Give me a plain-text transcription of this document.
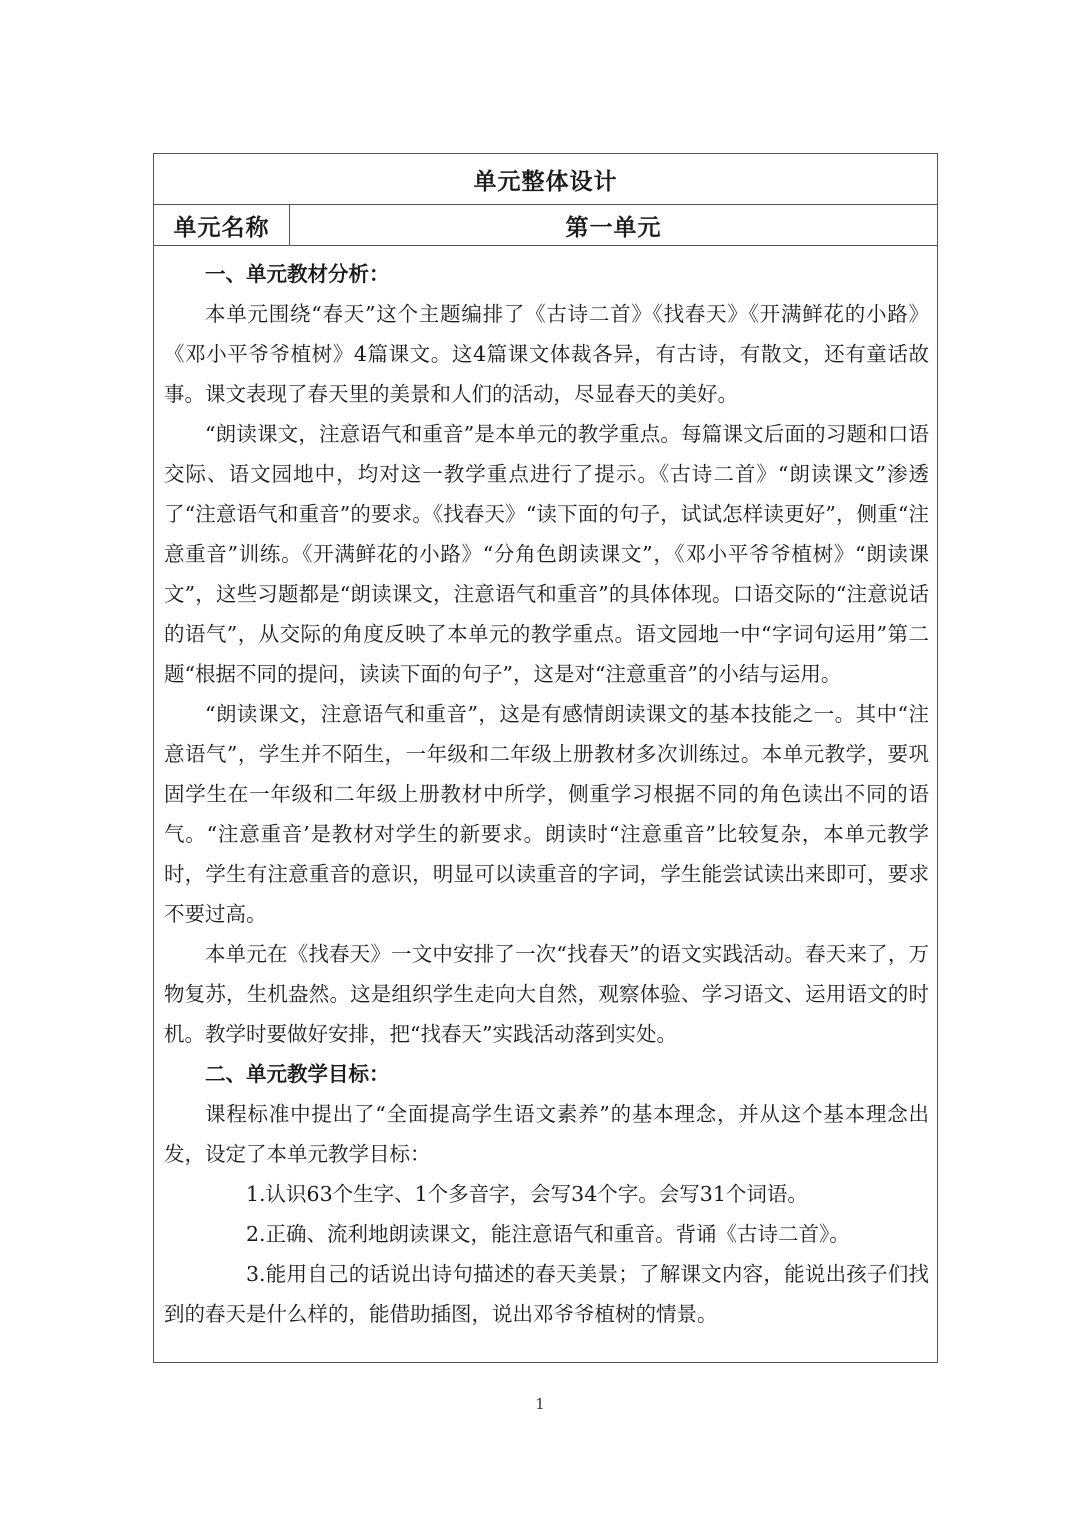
单元整体设计
单元名称	第一单元

一、单元教材分析：

本单元围绕“春天”这个主题编排了《古诗二首》《找春天》《开满鲜花的小路》《邓小平爷爷植树》4篇课文。这4篇课文体裁各异，有古诗，有散文，还有童话故事。课文表现了春天里的美景和人们的活动，尽显春天的美好。

“朗读课文，注意语气和重音”是本单元的教学重点。每篇课文后面的习题和口语交际、语文园地中，均对这一教学重点进行了提示。《古诗二首》“朗读课文”渗透了“注意语气和重音”的要求。《找春天》“读下面的句子，试试怎样读更好”，侧重“注意重音”训练。《开满鲜花的小路》“分角色朗读课文”，《邓小平爷爷植树》“朗读课文”，这些习题都是“朗读课文，注意语气和重音”的具体体现。口语交际的“注意说话的语气”，从交际的角度反映了本单元的教学重点。语文园地一中“字词句运用”第二题“根据不同的提问，读读下面的句子”，这是对“注意重音”的小结与运用。

“朗读课文，注意语气和重音”，这是有感情朗读课文的基本技能之一。其中“注意语气”，学生并不陌生，一年级和二年级上册教材多次训练过。本单元教学，要巩固学生在一年级和二年级上册教材中所学，侧重学习根据不同的角色读出不同的语气。“注意重音’是教材对学生的新要求。朗读时“注意重音”比较复杂，本单元教学时，学生有注意重音的意识，明显可以读重音的字词，学生能尝试读出来即可，要求不要过高。

本单元在《找春天》一文中安排了一次“找春天”的语文实践活动。春天来了，万物复苏，生机盎然。这是组织学生走向大自然，观察体验、学习语文、运用语文的时机。教学时要做好安排，把“找春天”实践活动落到实处。

二、单元教学目标：

课程标准中提出了“全面提高学生语文素养”的基本理念，并从这个基本理念出发，设定了本单元教学目标：

1.认识63个生字、1个多音字，会写34个字。会写31个词语。

2.正确、流利地朗读课文，能注意语气和重音。背诵《古诗二首》。

3.能用自己的话说出诗句描述的春天美景；了解课文内容，能说出孩子们找到的春天是什么样的，能借助插图，说出邓爷爷植树的情景。

1
